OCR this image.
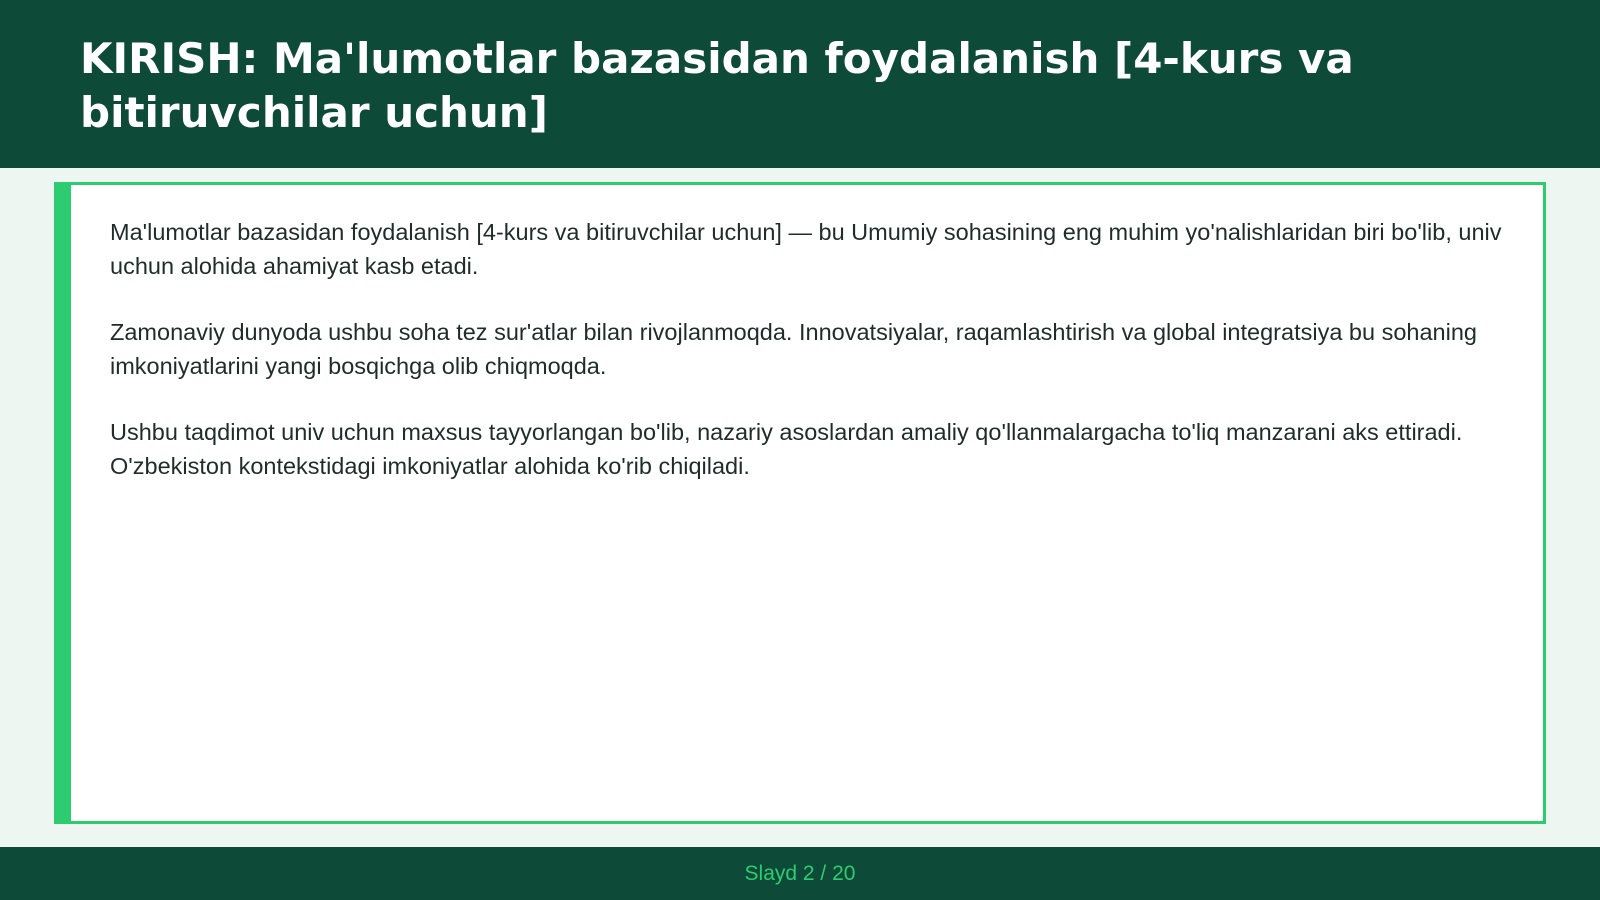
KIRISH: Ma'lumotlar bazasidan foydalanish [4-kurs va bitiruvchilar uchun]

Ma'lumotlar bazasidan foydalanish [4-kurs va bitiruvchilar uchun] — bu Umumiy sohasining eng muhim yo'nalishlaridan biri bo'lib, univ uchun alohida ahamiyat kasb etadi.

Zamonaviy dunyoda ushbu soha tez sur'atlar bilan rivojlanmoqda. Innovatsiyalar, raqamlashtirish va global integratsiya bu sohaning imkoniyatlarini yangi bosqichga olib chiqmoqda.

Ushbu taqdimot univ uchun maxsus tayyorlangan bo'lib, nazariy asoslardan amaliy qo'llanmalargacha to'liq manzarani aks ettiradi. O'zbekiston kontekstidagi imkoniyatlar alohida ko'rib chiqiladi.

Slayd 2 / 20
